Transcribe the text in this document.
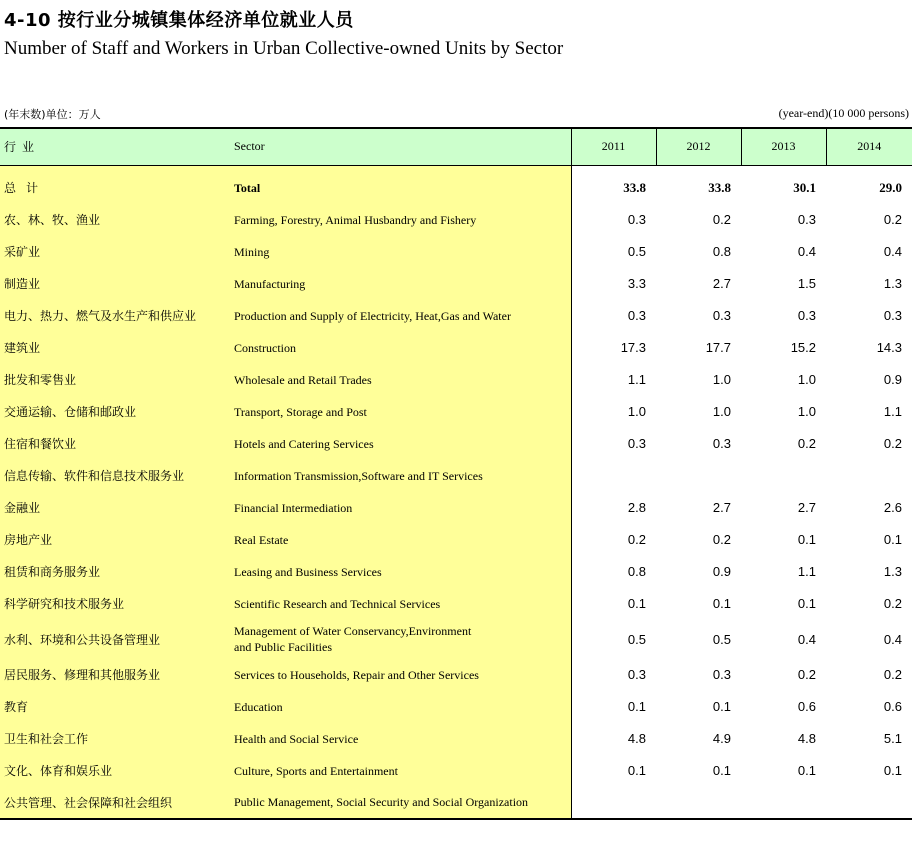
4-10 按行业分城镇集体经济单位就业人员
Number of Staff and Workers in Urban Collective-owned Units by Sector
(年末数)单位：万人	(year-end)(10 000 persons)
行业	Sector	2011	2012	2013	2014

总计	Total	33.8	33.8	30.1	29.0
农、林、牧、渔业	Farming, Forestry, Animal Husbandry and Fishery	0.3	0.2	0.3	0.2
采矿业	Mining	0.5	0.8	0.4	0.4
制造业	Manufacturing	3.3	2.7	1.5	1.3
电力、热力、燃气及水生产和供应业	Production and Supply of Electricity, Heat,Gas and Water	0.3	0.3	0.3	0.3
建筑业	Construction	17.3	17.7	15.2	14.3
批发和零售业	Wholesale and Retail Trades	1.1	1.0	1.0	0.9
交通运输、仓储和邮政业	Transport, Storage and Post	1.0	1.0	1.0	1.1
住宿和餐饮业	Hotels and Catering Services	0.3	0.3	0.2	0.2
信息传输、软件和信息技术服务业	Information Transmission,Software and IT Services				
金融业	Financial Intermediation	2.8	2.7	2.7	2.6
房地产业	Real Estate	0.2	0.2	0.1	0.1
租赁和商务服务业	Leasing and Business Services	0.8	0.9	1.1	1.3
科学研究和技术服务业	Scientific Research and Technical Services	0.1	0.1	0.1	0.2
水利、环境和公共设备管理业	Management of Water Conservancy,Environment
and Public Facilities	0.5	0.5	0.4	0.4
居民服务、修理和其他服务业	Services to Households, Repair and Other Services	0.3	0.3	0.2	0.2
教育	Education	0.1	0.1	0.6	0.6
卫生和社会工作	Health and Social Service	4.8	4.9	4.8	5.1
文化、体育和娱乐业	Culture, Sports and Entertainment	0.1	0.1	0.1	0.1
公共管理、社会保障和社会组织	Public Management, Social Security and Social Organization				
